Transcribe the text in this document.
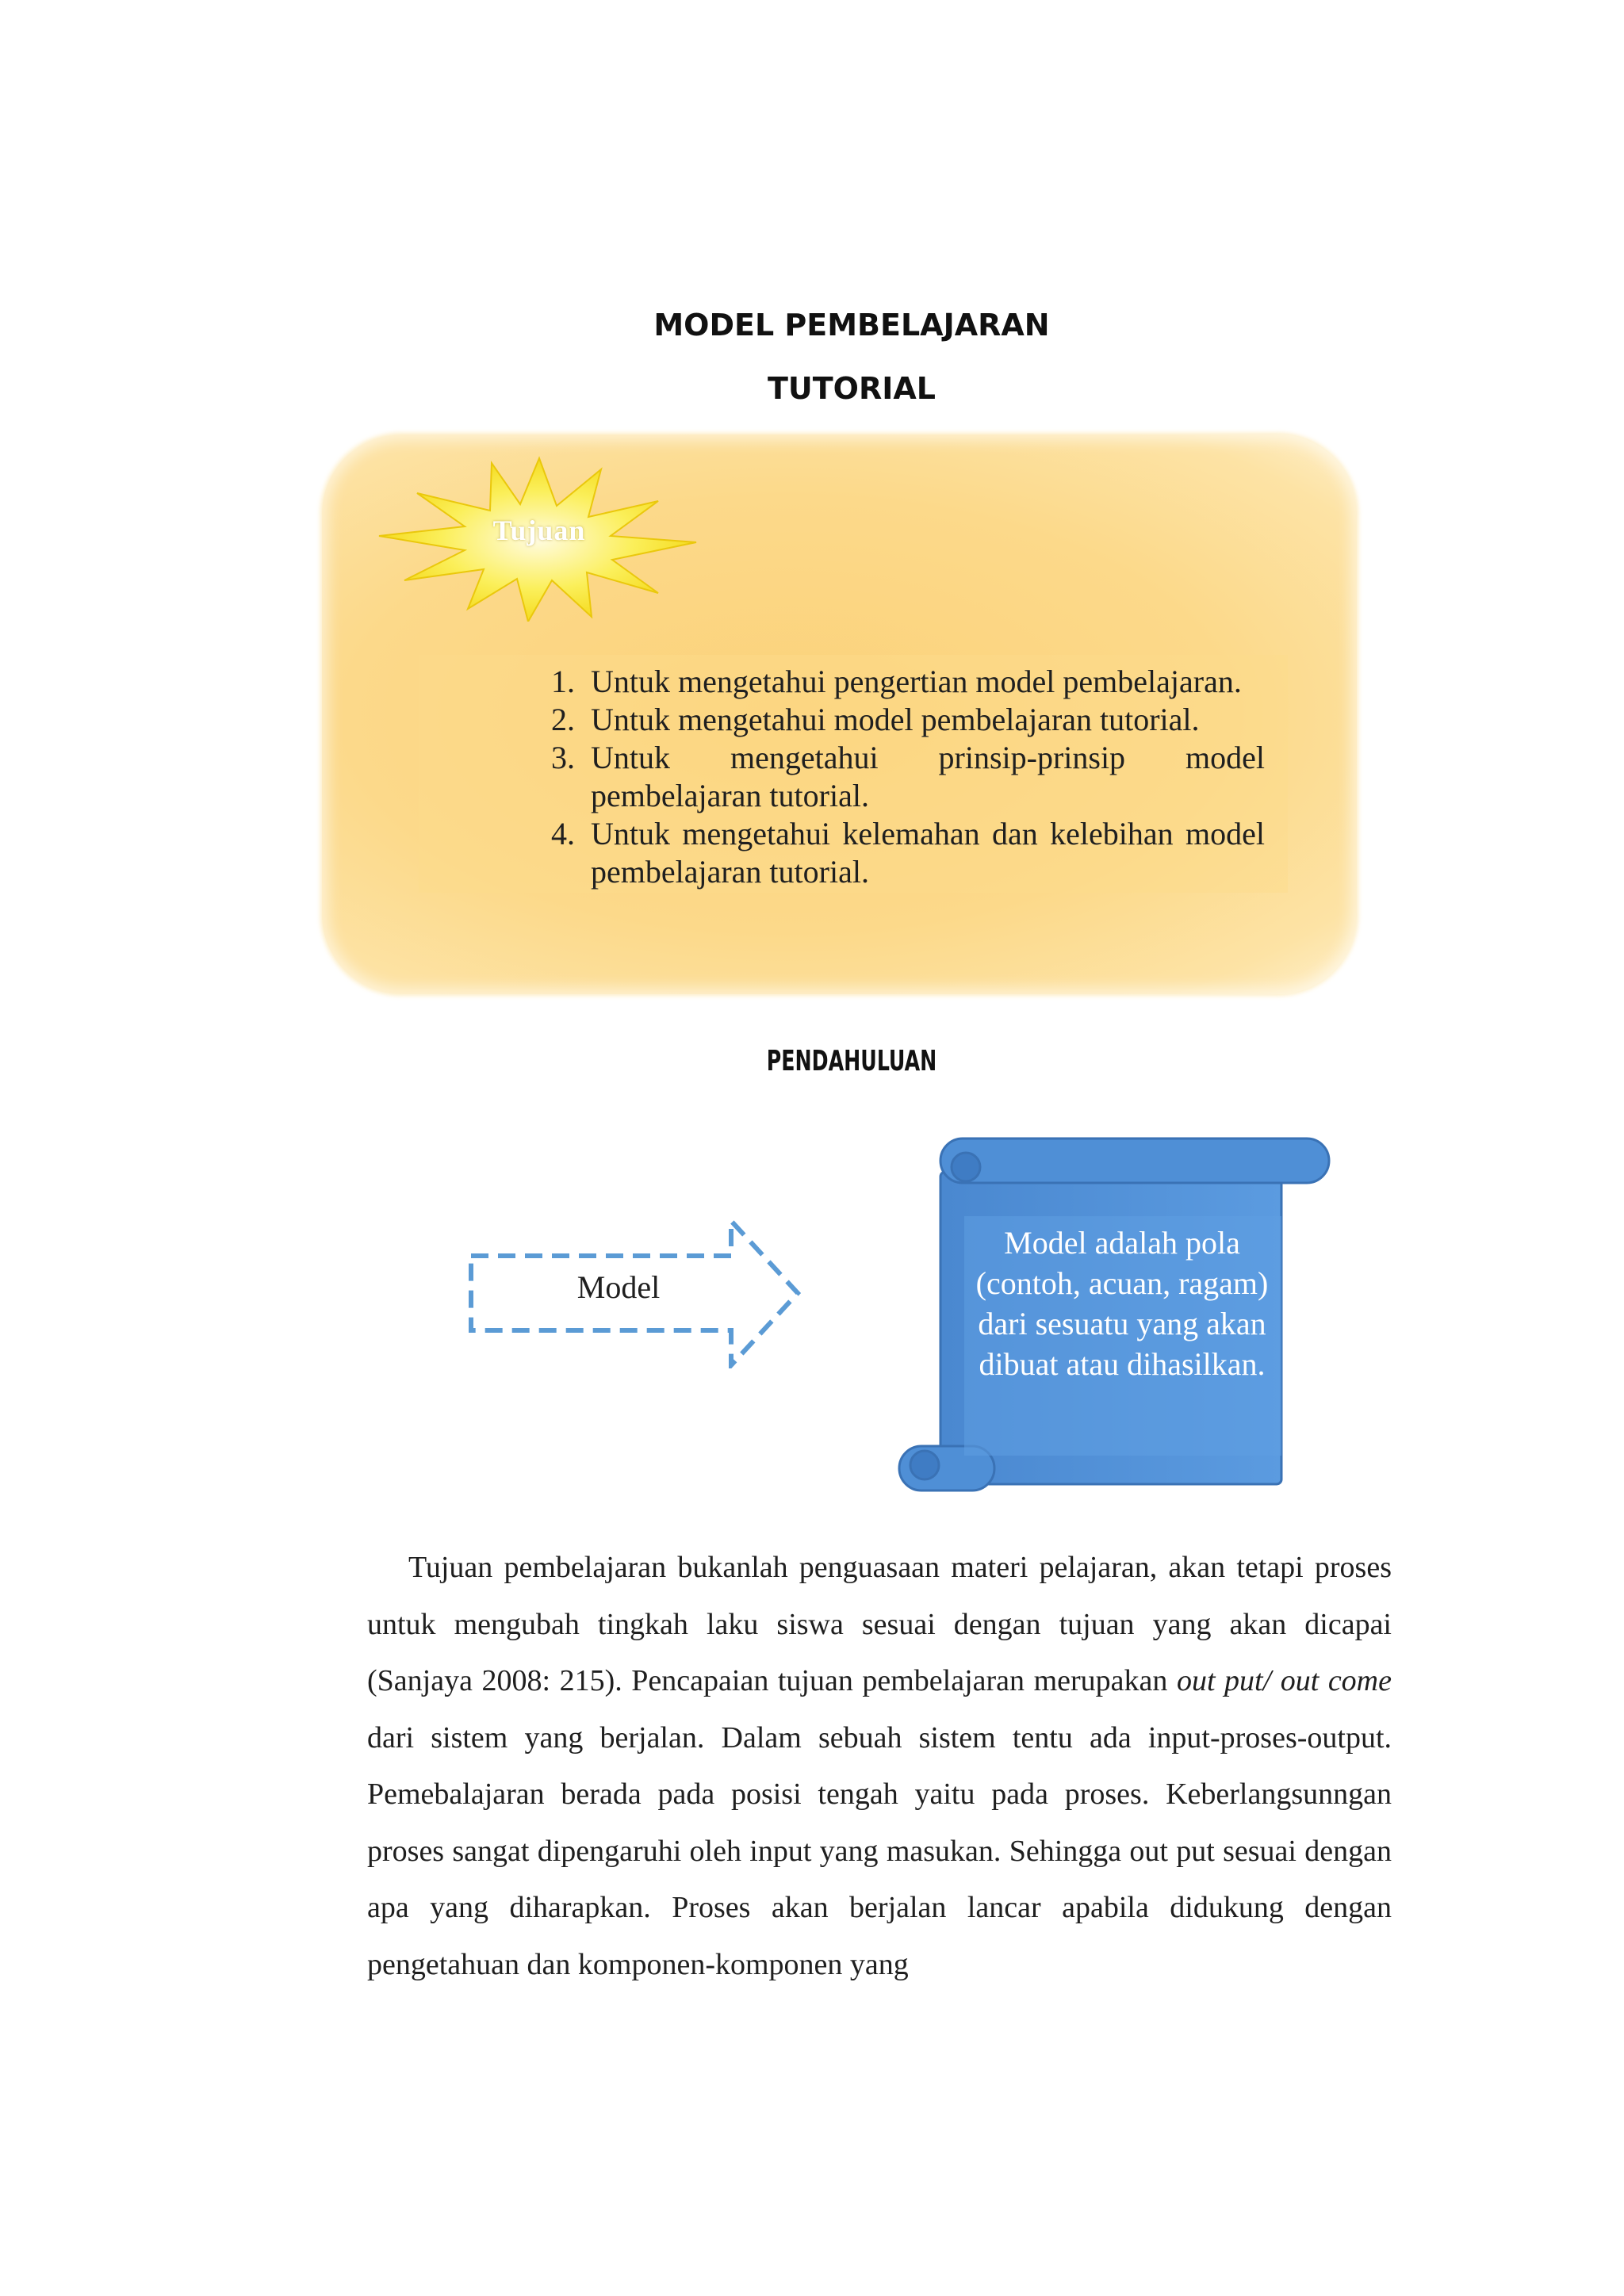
MODEL PEMBELAJARAN
TUTORIAL
Tujuan
1. Untuk mengetahui pengertian model pembelajaran.
2. Untuk mengetahui model pembelajaran tutorial.
3. Untuk mengetahui prinsip-prinsip model pembelajaran tutorial.
4. Untuk mengetahui kelemahan dan kelebihan model pembelajaran tutorial.
PENDAHULUAN
Model
Model adalah pola (contoh, acuan, ragam) dari sesuatu yang akan dibuat atau dihasilkan.

Tujuan pembelajaran bukanlah penguasaan materi pelajaran, akan tetapi proses untuk mengubah tingkah laku siswa sesuai dengan tujuan yang akan dicapai (Sanjaya 2008: 215). Pencapaian tujuan pembelajaran merupakan out put/ out come dari sistem yang berjalan. Dalam sebuah sistem tentu ada input-proses-output. Pemebalajaran berada pada posisi tengah yaitu pada proses. Keberlangsunngan proses sangat dipengaruhi oleh input yang masukan. Sehingga out put sesuai dengan apa yang diharapkan. Proses akan berjalan lancar apabila didukung dengan pengetahuan dan komponen-komponen yang
